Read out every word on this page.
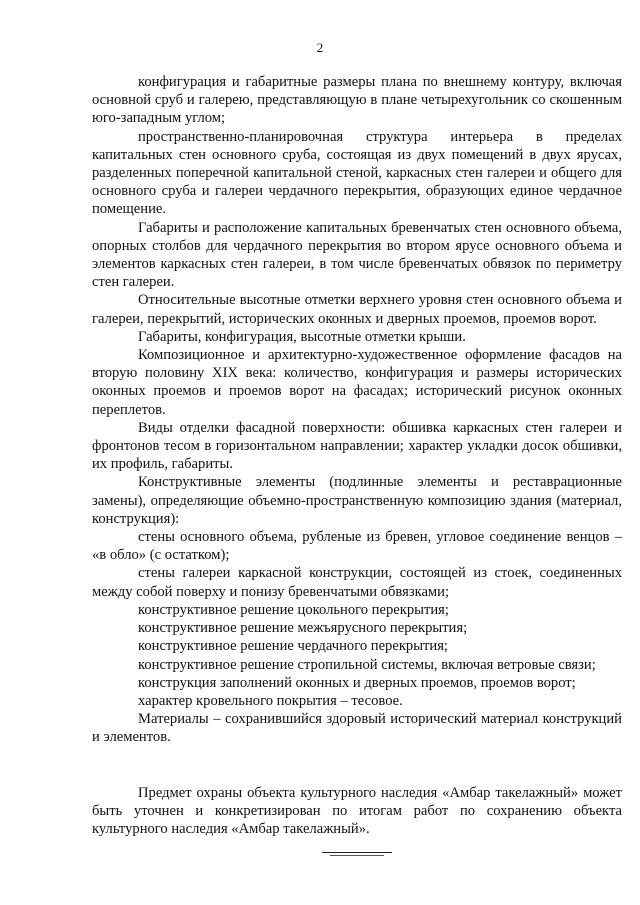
2

конфигурация и габаритные размеры плана по внешнему контуру, включая основной сруб и галерею, представляющую в плане четырехугольник со скошенным юго-западным углом;

пространственно-планировочная структура интерьера в пределах капитальных стен основного сруба, состоящая из двух помещений в двух ярусах, разделенных поперечной капитальной стеной, каркасных стен галереи и общего для основного сруба и галереи чердачного перекрытия, образующих единое чердачное помещение.

Габариты и расположение капитальных бревенчатых стен основного объема, опорных столбов для чердачного перекрытия во втором ярусе основного объема и элементов каркасных стен галереи, в том числе бревенчатых обвязок по периметру стен галереи.

Относительные высотные отметки верхнего уровня стен основного объема и галереи, перекрытий, исторических оконных и дверных проемов, проемов ворот.

Габариты, конфигурация, высотные отметки крыши.

Композиционное и архитектурно-художественное оформление фасадов на вторую половину XIX века: количество, конфигурация и размеры исторических оконных проемов и проемов ворот на фасадах; исторический рисунок оконных переплетов.

Виды отделки фасадной поверхности: обшивка каркасных стен галереи и фронтонов тесом в горизонтальном направлении; характер укладки досок обшивки, их профиль, габариты.

Конструктивные элементы (подлинные элементы и реставрационные замены), определяющие объемно-пространственную композицию здания (материал, конструкция):

стены основного объема, рубленые из бревен, угловое соединение венцов – «в обло» (с остатком);

стены галереи каркасной конструкции, состоящей из стоек, соединенных между собой поверху и понизу бревенчатыми обвязками;

конструктивное решение цокольного перекрытия;

конструктивное решение межъярусного перекрытия;

конструктивное решение чердачного перекрытия;

конструктивное решение стропильной системы, включая ветровые связи;

конструкция заполнений оконных и дверных проемов, проемов ворот;

характер кровельного покрытия – тесовое.

Материалы – сохранившийся здоровый исторический материал конструкций и элементов.

Предмет охраны объекта культурного наследия «Амбар такелажный» может быть уточнен и конкретизирован по итогам работ по сохранению объекта культурного наследия «Амбар такелажный».
